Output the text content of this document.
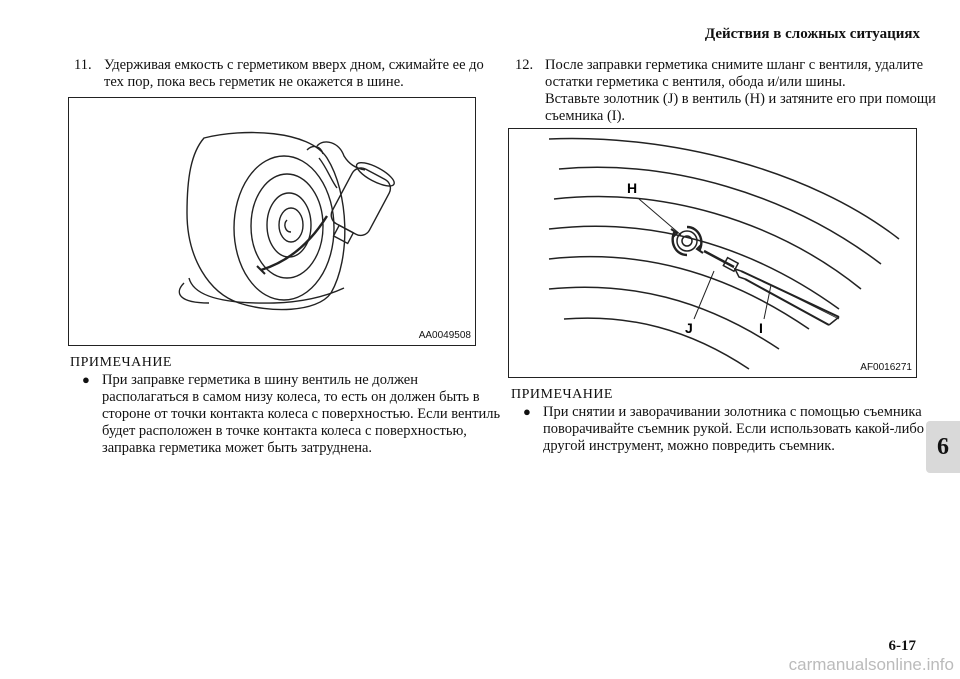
Действия в сложных ситуациях

11. Удерживая емкость с герметиком вверх дном, сжимайте ее до тех пор, пока весь герметик не окажется в шине.

AA0049508

ПРИМЕЧАНИЕ

● При заправке герметика в шину вентиль не должен располагаться в самом низу колеса, то есть он должен быть в стороне от точки контакта колеса с поверхностью. Если вентиль будет расположен в точке контакта колеса с поверхностью, заправка герметика может быть затруднена.

12. После заправки герметика снимите шланг с вентиля, удалите остатки герметика с вентиля, обода и/или шины.
Вставьте золотник (J) в вентиль (H) и затяните его при помощи съемника (I).

H
J	I
AF0016271

ПРИМЕЧАНИЕ

● При снятии и заворачивании золотника с помощью съемника поворачивайте съемник рукой. Если использовать какой-либо другой инструмент, можно повредить съемник.	6
6-17
carmanualsonline.info
